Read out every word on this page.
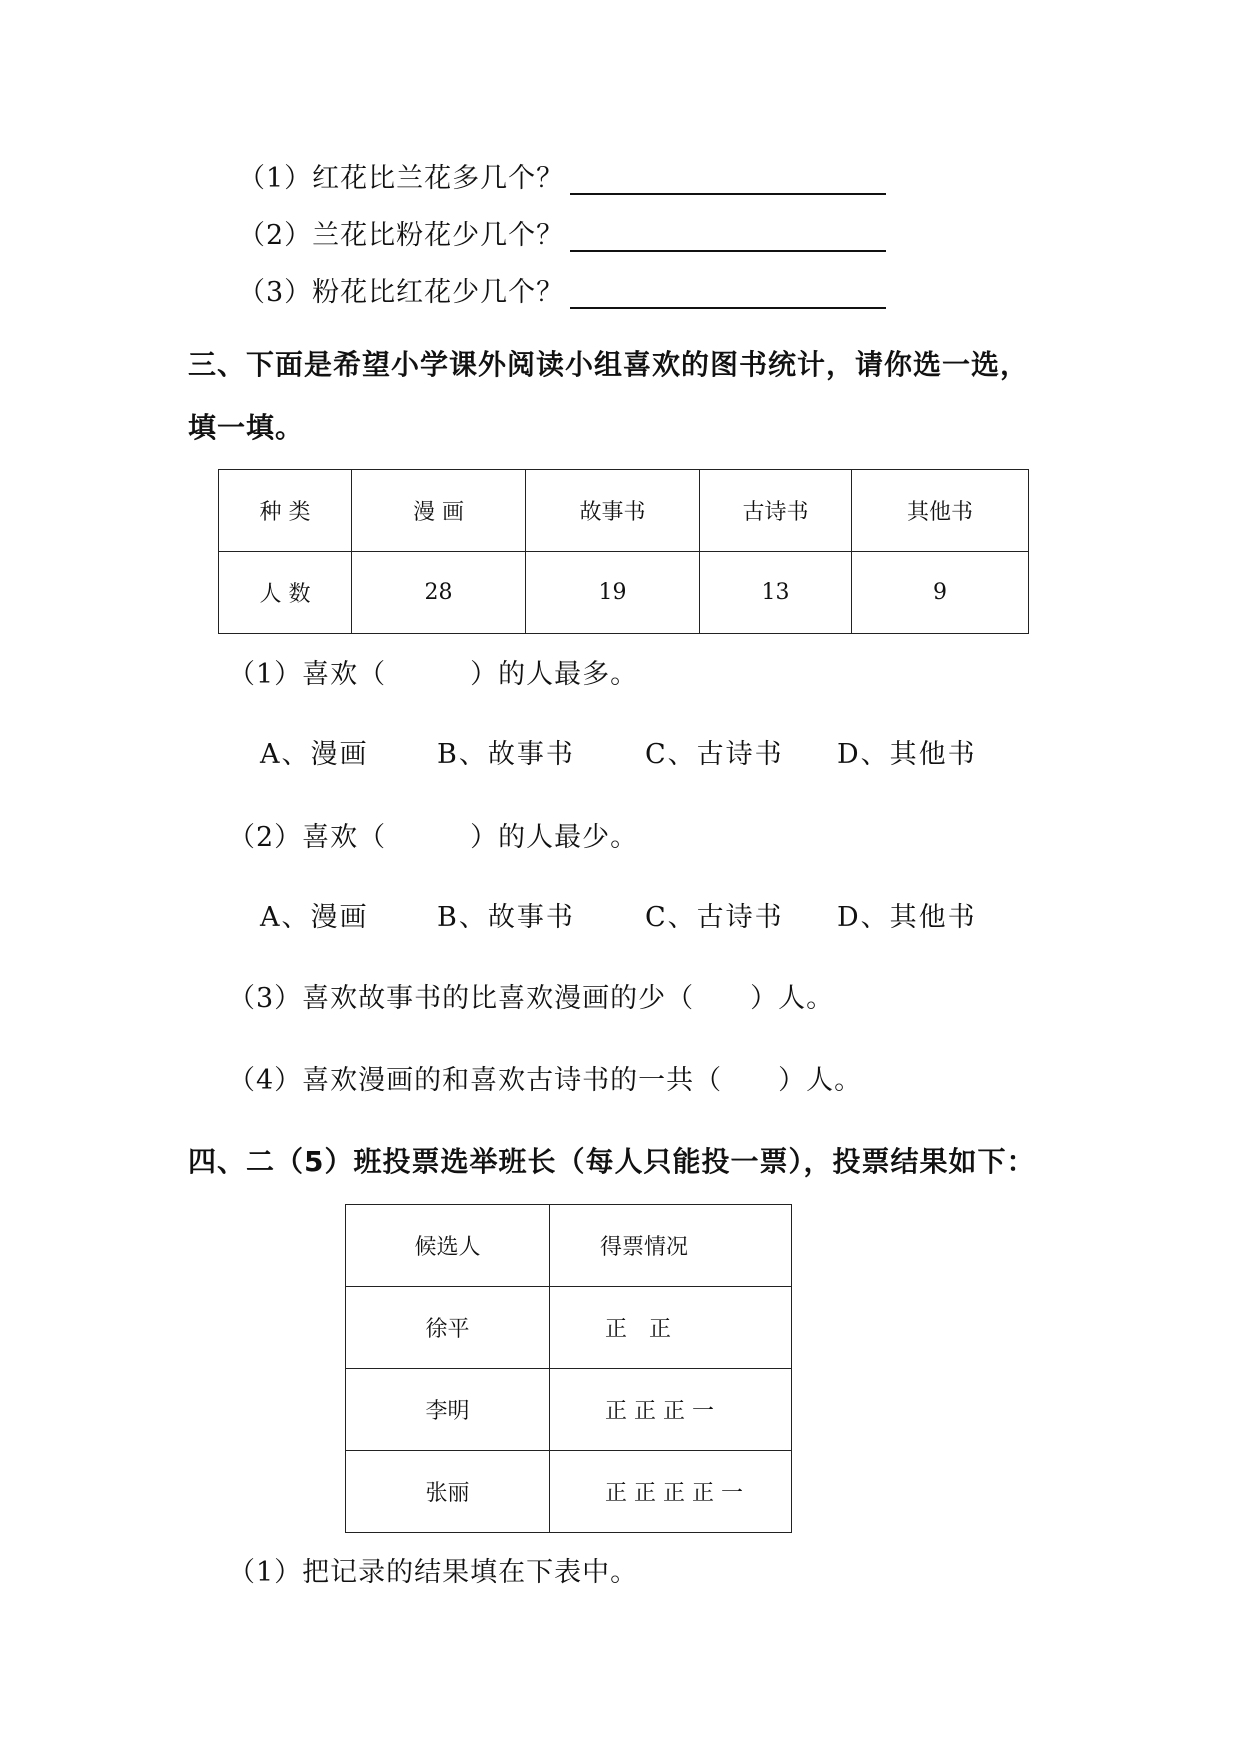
（1）红花比兰花多几个？
（2）兰花比粉花少几个？
（3）粉花比红花少几个？
三、下面是希望小学课外阅读小组喜欢的图书统计，请你选一选，
填一填。
种 类	漫 画	故事书	古诗书	其他书
人 数	28	19	13	9
（1）喜欢（　　　）的人最多。
A、漫画	B、故事书	C、古诗书 D、其他书
（2）喜欢（　　　）的人最少。
A、漫画	B、故事书	C、古诗书 D、其他书
（3）喜欢故事书的比喜欢漫画的少（　　）人。
（4）喜欢漫画的和喜欢古诗书的一共（　　）人。
四、二（5）班投票选举班长（每人只能投一票），投票结果如下：
候选人	得票情况
徐平	正　正
李明	正 正 正 一
张丽	正 正 正 正 一
（1）把记录的结果填在下表中。
